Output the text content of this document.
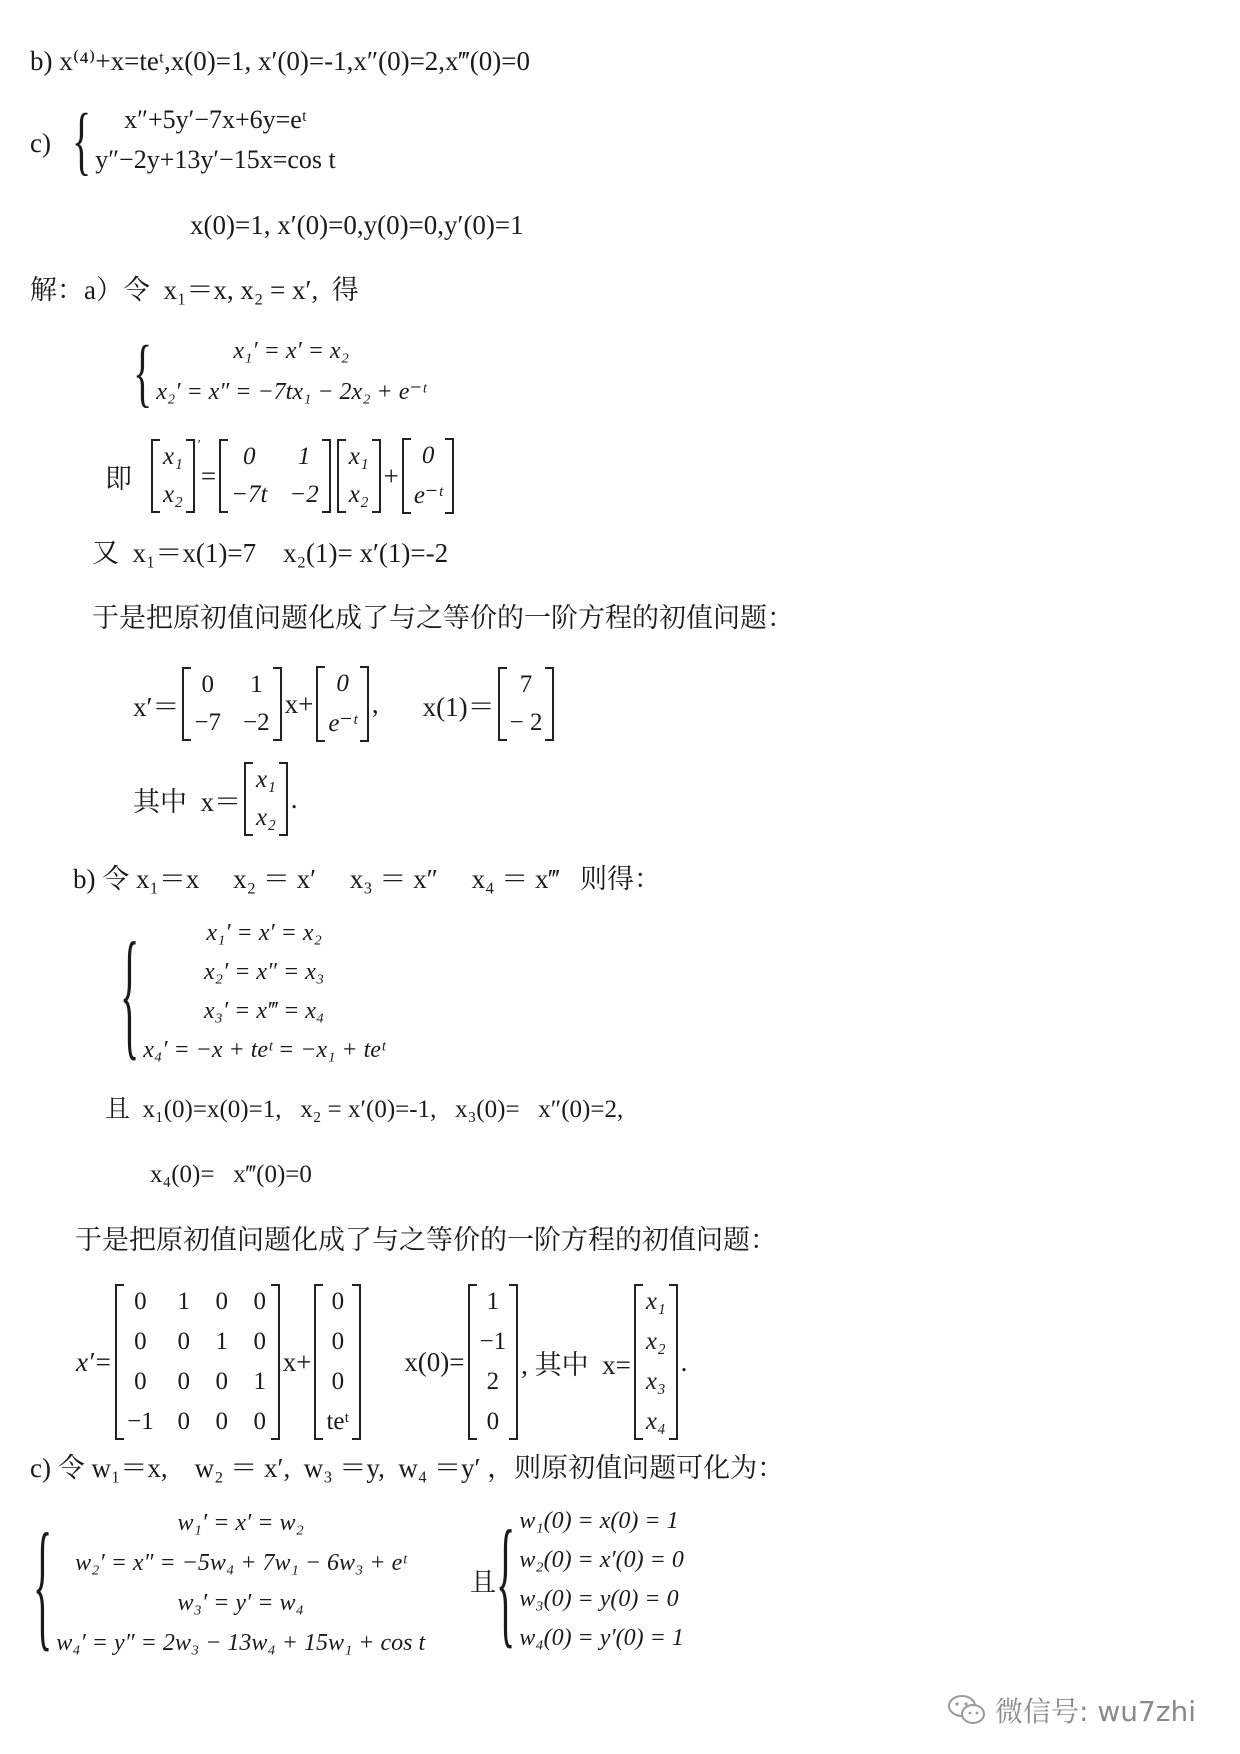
b) x⁽⁴⁾+x=teᵗ,x(0)=1, x′(0)=-1,x″(0)=2,x‴(0)=0
c) { x″+5y′−7x+6y=eᵗ
y″−2y+13y′−15x=cos t
x(0)=1, x′(0)=0,y(0)=0,y′(0)=1
解：a）令  x₁＝x, x₂ = x′,  得
{	x₁′ = x′ = x₂
x₂′ = x″ = −7tx₁ − 2x₂ + e⁻ᵗ
即
x₁
x₂
′
=
0	1
−7t −2
x₁
x₂
+
0
e⁻ᵗ
又  x₁＝x(1)=7    x₂(1)= x′(1)=-2
于是把原初值问题化成了与之等价的一阶方程的初值问题：
x′＝
0 1
−7 −2
x+
0
e⁻ᵗ
, x(1)＝
7
− 2
其中  x＝
x₁
x₂
.
b) 令 x₁＝x     x₂ ＝ x′     x₃ ＝ x″     x₄ ＝ x‴   则得：
{	x₁′ = x′ = x₂
x₂′ = x″ = x₃
x₃′ = x‴ = x₄
x₄′ = −x + teᵗ = −x₁ + teᵗ
且  x₁(0)=x(0)=1,   x₂ = x′(0)=-1,   x₃(0)=   x″(0)=2,
x₄(0)=   x‴(0)=0
于是把原初值问题化成了与之等价的一阶方程的初值问题：
x′=
0 1 0 0
0 0 1 0
0 0 0 1
−1 0 0 0
x+
0
0
0
teᵗ
x(0)=
1
−1
2
0
, 其中  x=
x₁
x₂
x₃
x₄
.
c) 令 w₁＝x,    w₂ ＝ x′,  w₃ ＝y,  w₄ ＝y′ ，则原初值问题可化为：
{	w₁′ = x′ = w₂
w₂′ = x″ = −5w₄ + 7w₁ − 6w₃ + eᵗ
w₃′ = y′ = w₄
w₄′ = y″ = 2w₃ − 13w₄ + 15w₁ + cos t
且 { w₁(0) = x(0) = 1
w₂(0) = x′(0) = 0
w₃(0) = y(0) = 0
w₄(0) = y′(0) = 1
微信号: wu7zhi
